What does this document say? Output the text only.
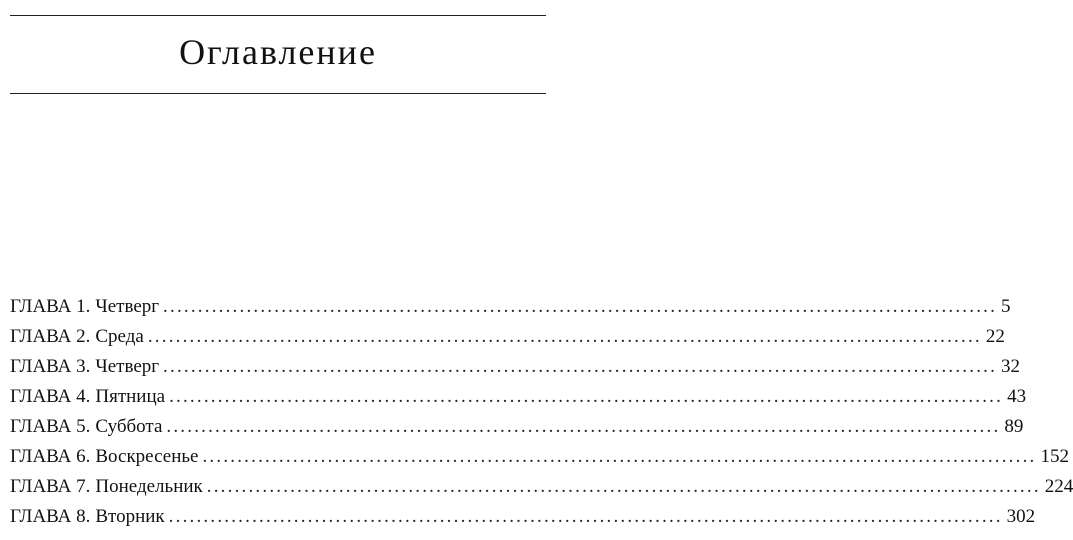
Оглавление
ГЛАВА 1. Четверг ........................................................................................................................ 5
ГЛАВА 2. Среда ........................................................................................................................ 22
ГЛАВА 3. Четверг ........................................................................................................................ 32
ГЛАВА 4. Пятница ........................................................................................................................ 43
ГЛАВА 5. Суббота ........................................................................................................................ 89
ГЛАВА 6. Воскресенье ........................................................................................................................ 152
ГЛАВА 7. Понедельник ........................................................................................................................ 224
ГЛАВА 8. Вторник ........................................................................................................................ 302
